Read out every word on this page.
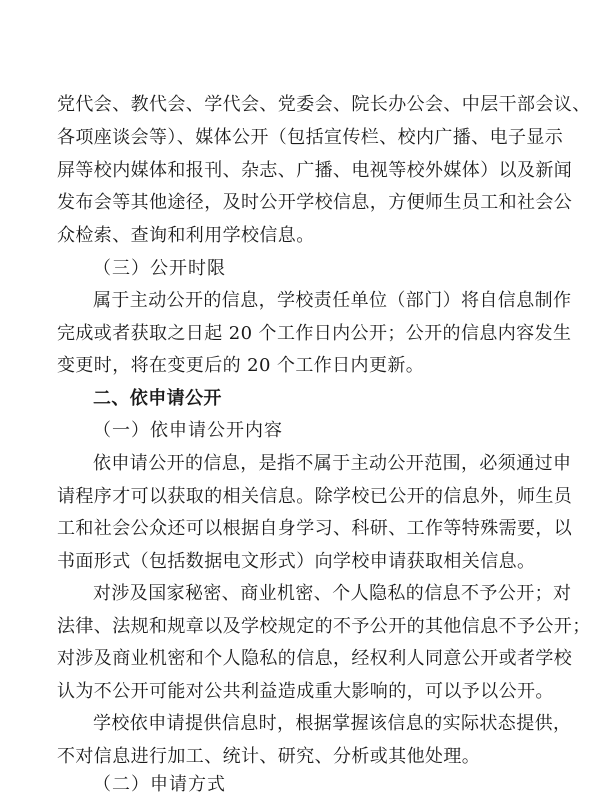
党代会、教代会、学代会、党委会、院长办公会、中层干部会议、
各项座谈会等）、媒体公开（包括宣传栏、校内广播、电子显示
屏等校内媒体和报刊、杂志、广播、电视等校外媒体）以及新闻
发布会等其他途径，及时公开学校信息，方便师生员工和社会公
众检索、查询和利用学校信息。
（三）公开时限
属于主动公开的信息，学校责任单位（部门）将自信息制作
完成或者获取之日起 20 个工作日内公开；公开的信息内容发生
变更时，将在变更后的 20 个工作日内更新。
二、依申请公开
（一）依申请公开内容
依申请公开的信息，是指不属于主动公开范围，必须通过申
请程序才可以获取的相关信息。除学校已公开的信息外，师生员
工和社会公众还可以根据自身学习、科研、工作等特殊需要，以
书面形式（包括数据电文形式）向学校申请获取相关信息。
对涉及国家秘密、商业机密、个人隐私的信息不予公开；对
法律、法规和规章以及学校规定的不予公开的其他信息不予公开；
对涉及商业机密和个人隐私的信息，经权利人同意公开或者学校
认为不公开可能对公共利益造成重大影响的，可以予以公开。
学校依申请提供信息时，根据掌握该信息的实际状态提供，
不对信息进行加工、统计、研究、分析或其他处理。
（二）申请方式
